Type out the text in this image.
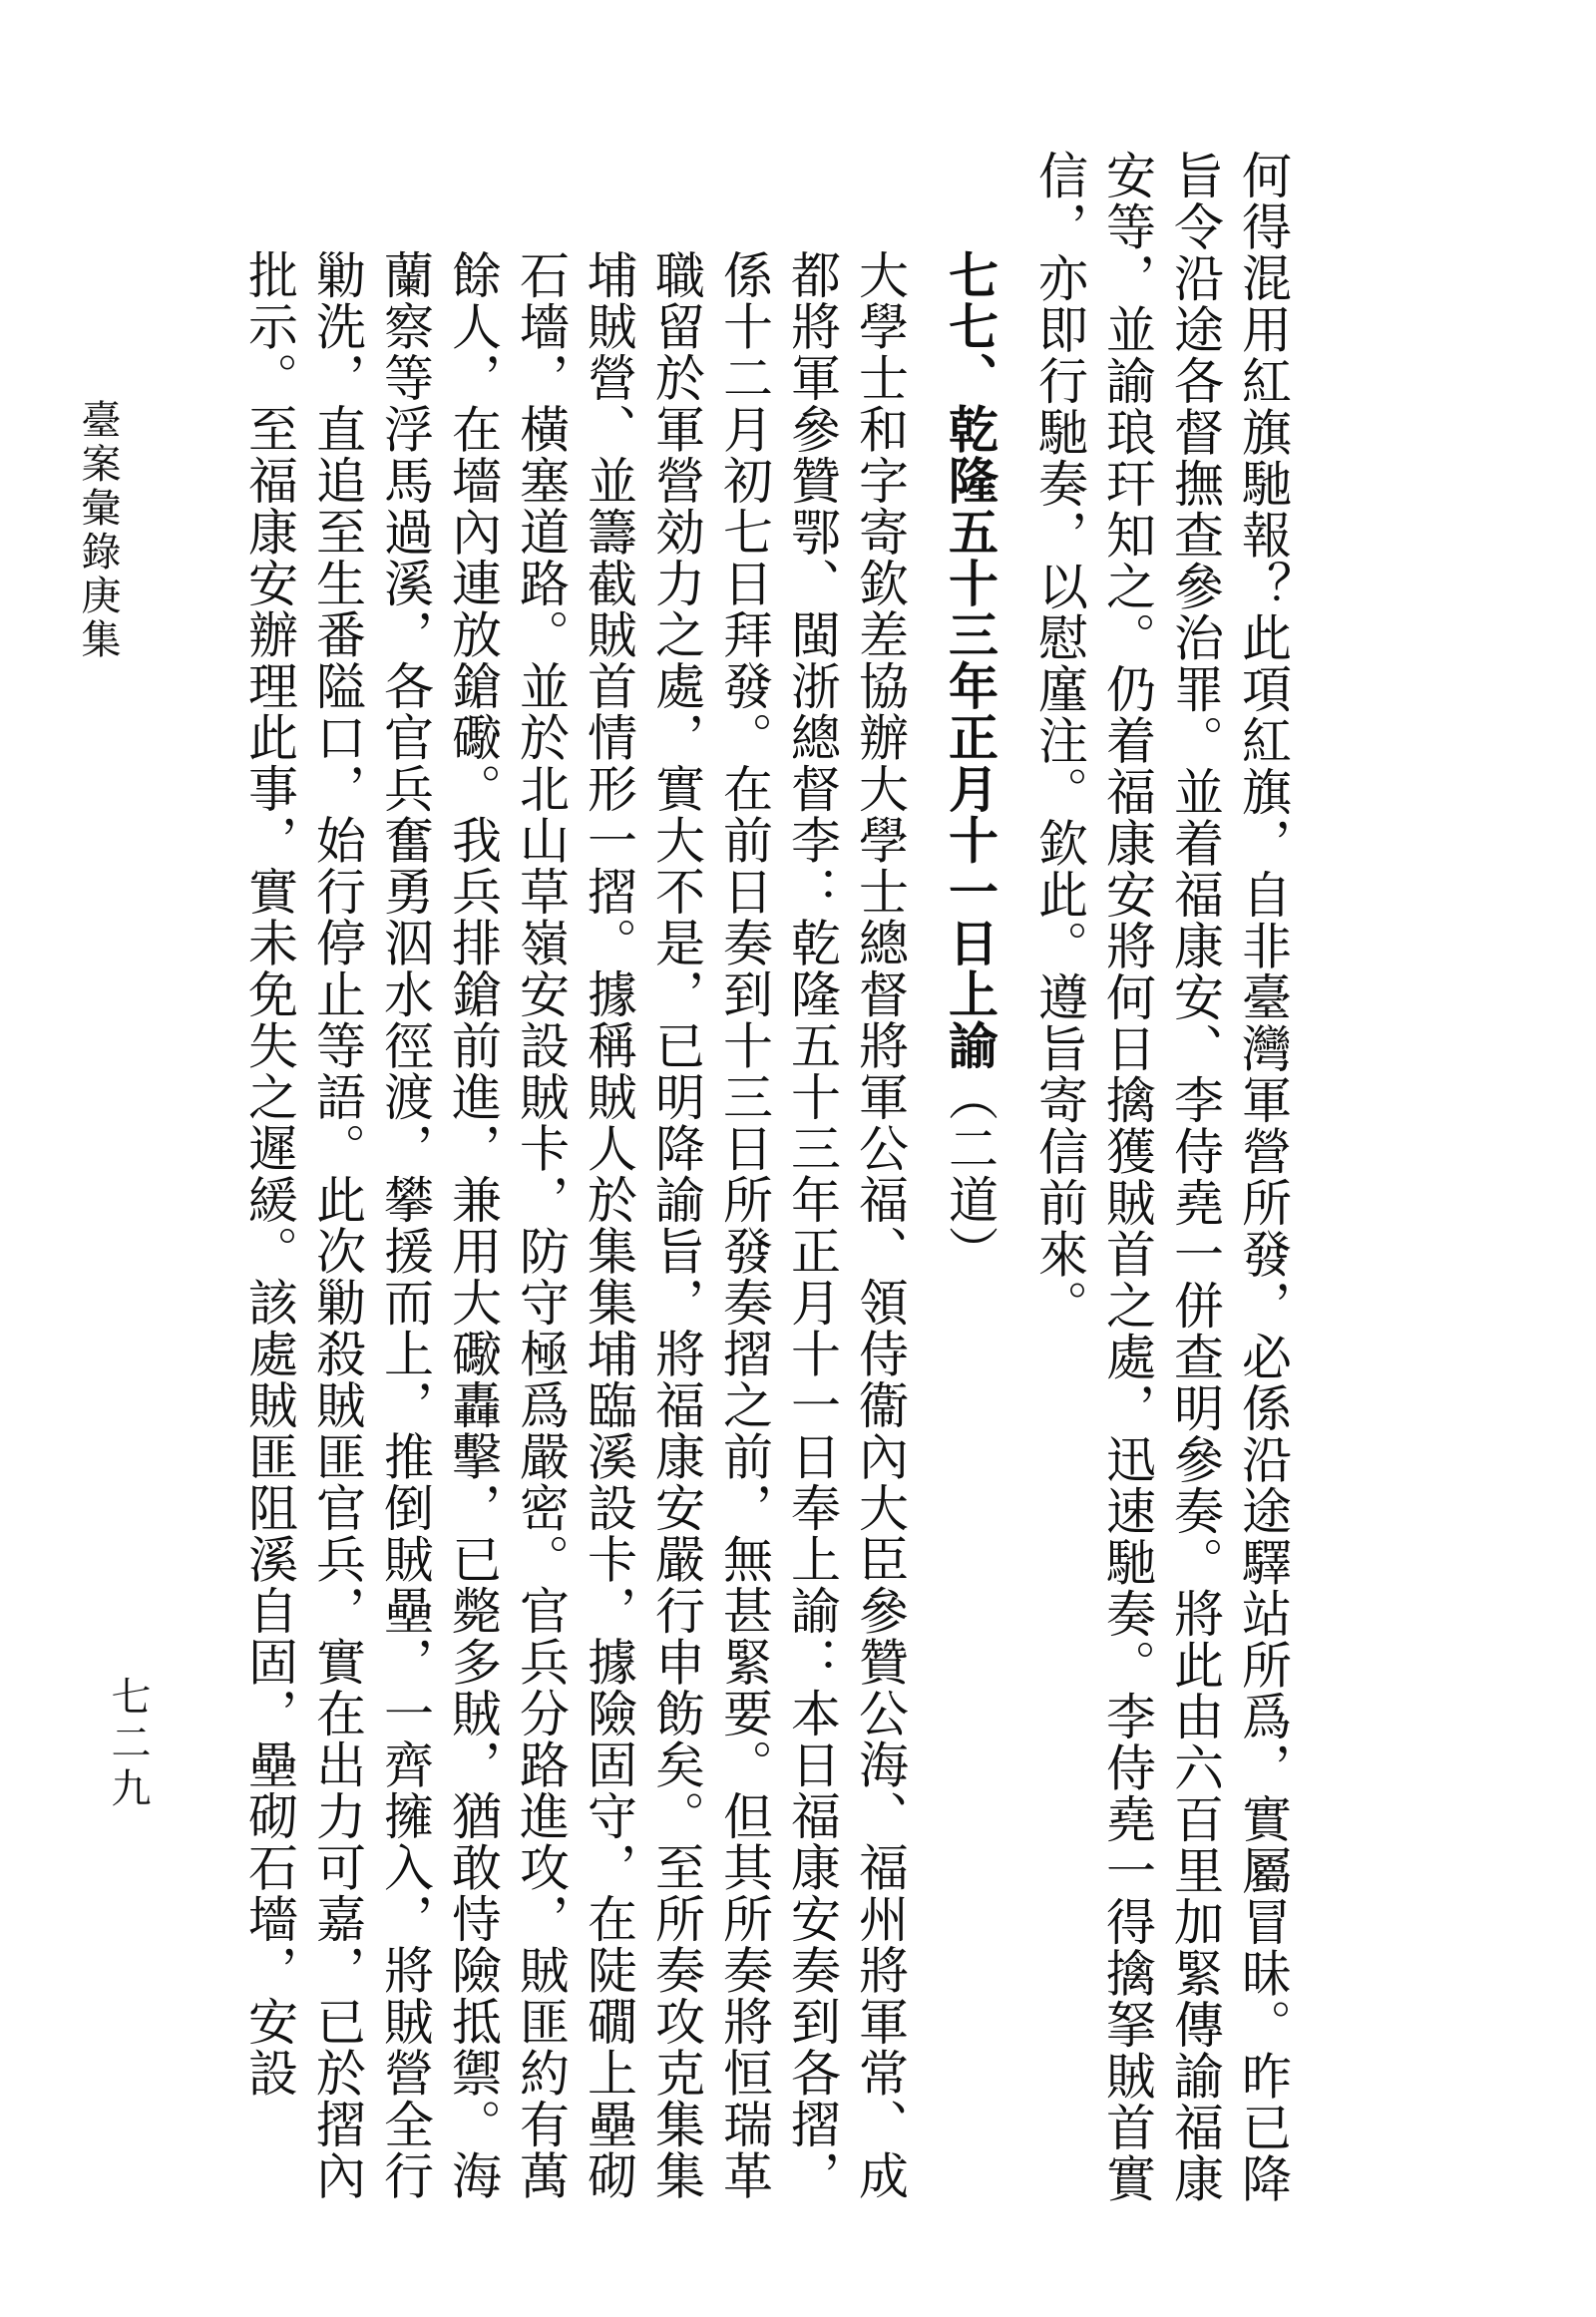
何得混用紅旗馳報？此項紅旗，自非臺灣軍營所發，必係沿途驛站所爲，實屬冒昧。昨已降旨令沿途各督撫查參治罪。並着福康安、李侍堯一併查明參奏。將此由六百里加緊傳諭福康安等，並諭琅玕知之。仍着福康安將何日擒獲賊首之處，迅速馳奏。李侍堯一得擒拏賊首實信，亦即行馳奏，以慰廑注。欽此。遵旨寄信前來。

七七、乾隆五十三年正月十一日上諭（二道）

大學士和字寄欽差協辦大學士總督將軍公福、領侍衞內大臣參贊公海、福州將軍常、成都將軍參贊鄂、閩浙總督李：乾隆五十三年正月十一日奉上諭：本日福康安奏到各摺，係十二月初七日拜發。在前日奏到十三日所發奏摺之前，無甚緊要。但其所奏將恒瑞革職留於軍營効力之處，實大不是，已明降諭旨，將福康安嚴行申飭矣。至所奏攻克集集埔賊營、並籌截賊首情形一摺。據稱賊人於集集埔臨溪設卡，據險固守，在陡礀上壘砌石墻，橫塞道路。並於北山草嶺安設賊卡，防守極爲嚴密。官兵分路進攻，賊匪約有萬餘人，在墻內連放鎗礮。我兵排鎗前進，兼用大礮轟擊，已斃多賊，猶敢恃險抵禦。海蘭察等浮馬過溪，各官兵奮勇泅水徑渡，攀援而上，推倒賊壘，一齊擁入，將賊營全行勦洗，直追至生番隘口，始行停止等語。此次勦殺賊匪官兵，實在出力可嘉，已於摺內批示。至福康安辦理此事，實未免失之遲緩。該處賊匪阻溪自固，壘砌石墻，安設

臺案彙錄庚集
七二九
